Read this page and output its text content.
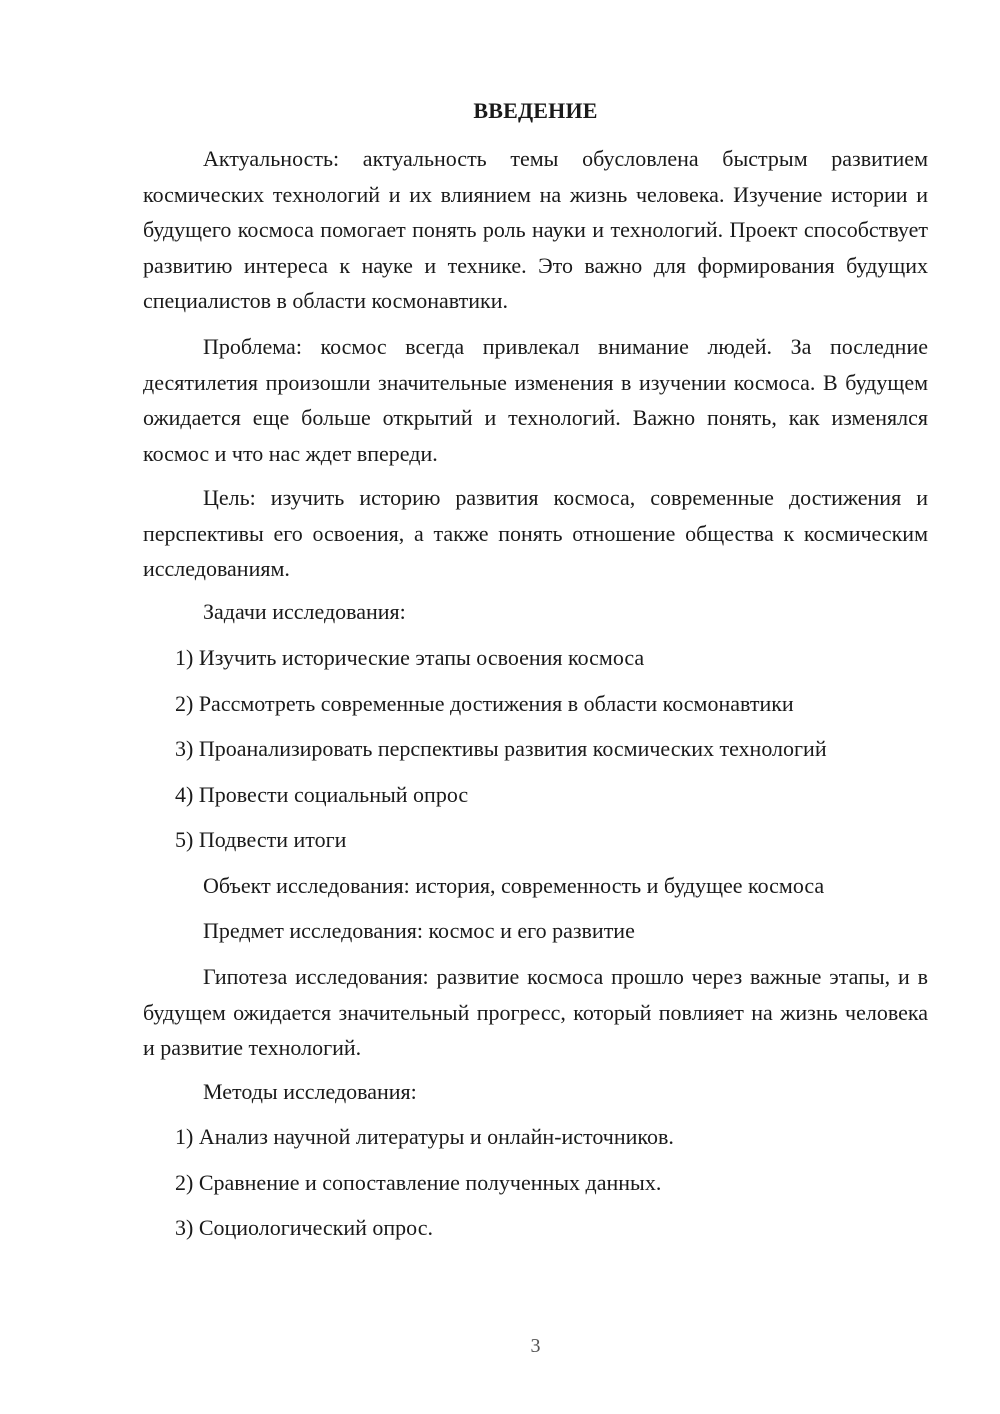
ВВЕДЕНИЕ

Актуальность: актуальность темы обусловлена быстрым развитием космических технологий и их влиянием на жизнь человека. Изучение истории и будущего космоса помогает понять роль науки и технологий. Проект способствует развитию интереса к науке и технике. Это важно для формирования будущих специалистов в области космонавтики.

Проблема: космос всегда привлекал внимание людей. За последние десятилетия произошли значительные изменения в изучении космоса. В будущем ожидается еще больше открытий и технологий. Важно понять, как изменялся космос и что нас ждет впереди.

Цель: изучить историю развития космоса, современные достижения и перспективы его освоения, а также понять отношение общества к космическим исследованиям.

Задачи исследования:

1) Изучить исторические этапы освоения космоса

2) Рассмотреть современные достижения в области космонавтики

3) Проанализировать перспективы развития космических технологий

4) Провести социальный опрос

5) Подвести итоги

Объект исследования: история, современность и будущее космоса

Предмет исследования: космос и его развитие

Гипотеза исследования: развитие космоса прошло через важные этапы, и в будущем ожидается значительный прогресс, который повлияет на жизнь человека и развитие технологий.

Методы исследования:

1) Анализ научной литературы и онлайн-источников.

2) Сравнение и сопоставление полученных данных.

3) Социологический опрос.

3
